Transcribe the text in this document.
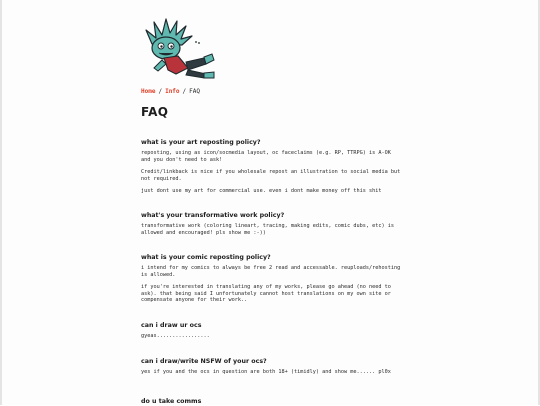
Home / Info / FAQ
FAQ

what is your art reposting policy?

reposting, using as icon/socmedia layout, oc faceclaims (e.g. RP, TTRPG) is A-OK and you don't need to ask!

Credit/linkback is nice if you wholesale repost an illustration to social media but not required.

just dont use my art for commercial use. even i dont make money off this shit

what's your transformative work policy?

transformative work (coloring lineart, tracing, making edits, comic dubs, etc) is allowed and encouraged! pls show me :-))

what is your comic reposting policy?

i intend for my comics to always be free 2 read and accessable. reuploads/rehosting is allowed.

if you're interested in translating any of my works, please go ahead (no need to ask). that being said I unfortunately cannot host translations on my own site or compensate anyone for their work..

can i draw ur ocs

gyeas.................

can i draw/write NSFW of your ocs?

yes if you and the ocs in question are both 18+ (timidly) and show me...... pl0x

do u take comms
